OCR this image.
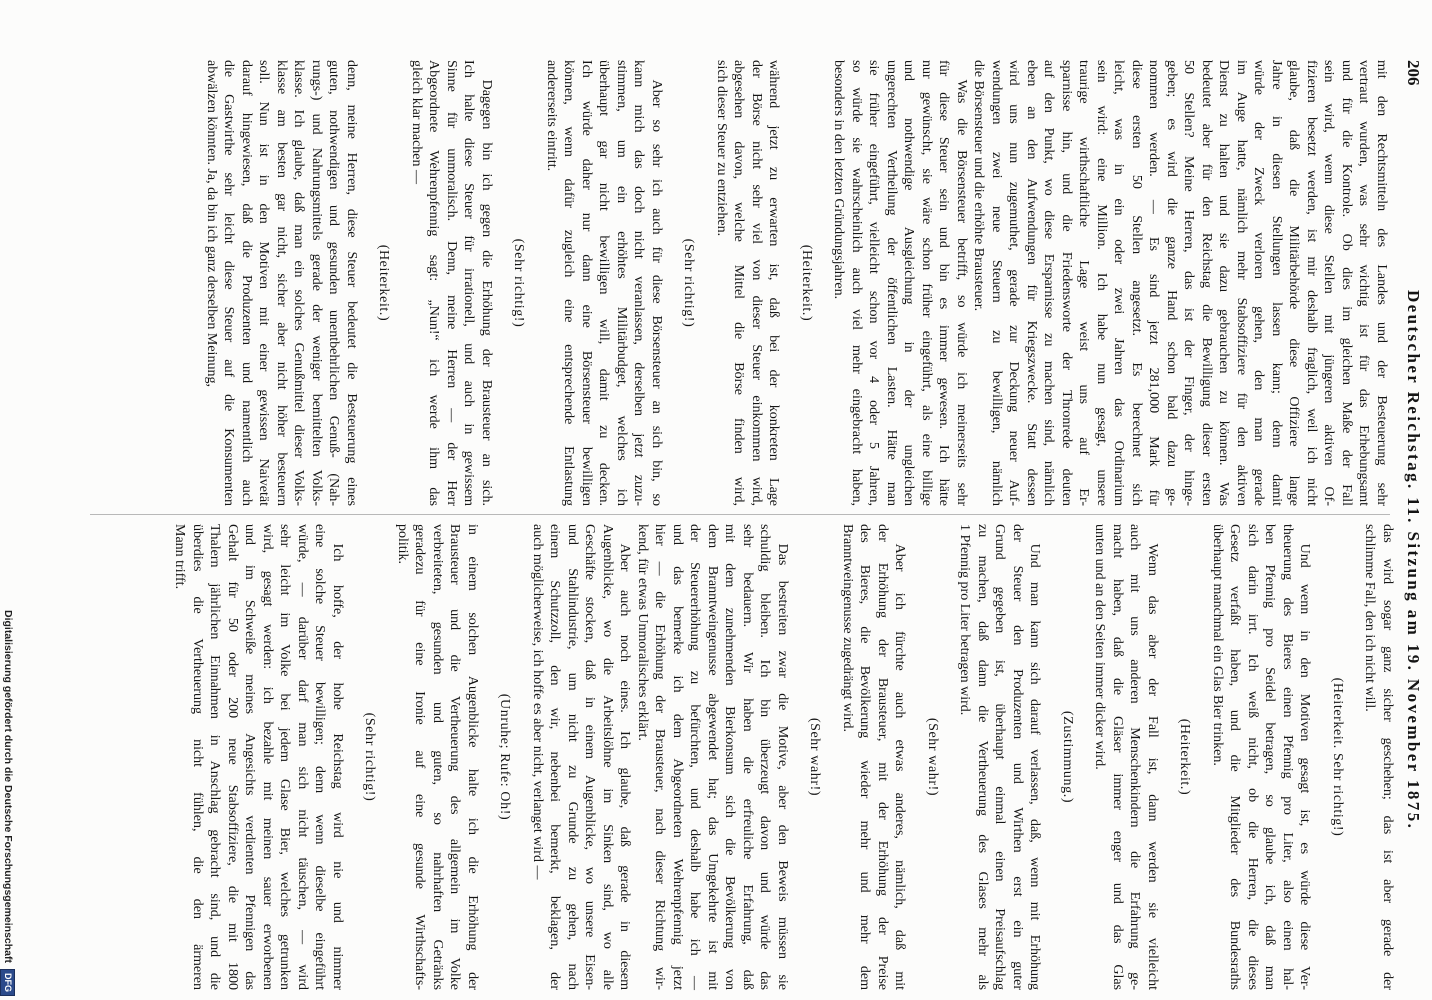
206
Deutscher Reichstag. 11. Sitzung am 19. November 1875.
mit den Rechtsmitteln des Landes und der Besteuerung sehr
vertraut wurden, was sehr wichtig ist für das Erhebungsamt
und für die Kontrole. Ob dies im gleichen Maße der Fall
sein wird, wenn diese Stellen mit jüngeren aktiven Of-
fizieren besetzt werden, ist mir deshalb fraglich, weil ich nicht
glaube, daß die Militärbehörde diese Offiziere lange
Jahre in diesen Stellungen lassen kann; denn damit
würde der Zweck verloren gehen, den man gerade
im Auge hatte, nämlich mehr Stabsoffiziere für den aktiven
Dienst zu halten und sie dazu gebrauchen zu können. Was
bedeutet aber für den Reichstag die Bewilligung dieser ersten
50 Stellen? Meine Herren, das ist der Finger, der hinge-
geben; es wird die ganze Hand schon bald dazu ge-
nommen werden. — Es sind jetzt 281,000 Mark für
diese ersten 50 Stellen angesetzt. Es berechnet sich
leicht, was in ein oder zwei Jahren das Ordinarium
sein wird: eine Million. Ich habe nun gesagt, unsere
traurige wirthschaftliche Lage weist uns auf Er-
sparnisse hin, und die Friedensworte der Thronrede deuten
auf den Punkt, wo diese Ersparnisse zu machen sind, nämlich
eben an den Aufwendungen für Kriegszwecke. Statt dessen
wird uns nun zugemuthet, gerade zur Deckung neuer Auf-
wendungen zwei neue Steuern zu bewilligen, nämlich
die Börsensteuer und die erhöhte Brausteuer.
Was die Börsensteuer betrifft, so würde ich meinerseits sehr
für diese Steuer sein und bin es immer gewesen. Ich hätte
nur gewünscht, sie wäre schon früher eingeführt, als eine billige
und nothwendige Ausgleichung in der ungleichen
ungerechten Vertheilung der öffentlichen Lasten. Hätte man
sie früher eingeführt, vielleicht schon vor 4 oder 5 Jahren,
so würde sie wahrscheinlich auch viel mehr eingebracht haben,
besonders in den letzten Gründungsjahren.
(Heiterkeit.)
während jetzt zu erwarten ist, daß bei der konkreten Lage
der Börse nicht sehr viel von dieser Steuer einkommen wird,
abgesehen davon, welche Mittel die Börse finden wird,
sich dieser Steuer zu entziehen.
(Sehr richtig!)
Aber so sehr ich auch für diese Börsensteuer an sich bin, so
kann mich das doch nicht veranlassen, derselben jetzt zuzu-
stimmen, um ein erhöhtes Militärbudget, welches ich
überhaupt gar nicht bewilligen will, damit zu decken.
Ich würde daher nur dann eine Börsensteuer bewilligen
können, wenn dafür zugleich eine entsprechende Entlastung
andererseits eintritt.
(Sehr richtig!)
Dagegen bin ich gegen die Erhöhung der Brausteuer an sich.
Ich halte diese Steuer für irrationell, und auch in gewissem
Sinne für unmoralisch. Denn, meine Herren — der Herr
Abgeordnete Wehrenpfennig sagt: „Nun!“ ich werde ihm das
gleich klar machen —
(Heiterkeit.)
denn, meine Herren, diese Steuer bedeutet die Besteuerung eines
guten, nothwendigen und gesunden unentbehrlichen Genuß- (Nah-
rungs-) und Nahrungsmittels gerade der weniger bemittelten Volks-
klasse. Ich glaube, daß man ein solches Genußmittel dieser Volks-
klasse am besten gar nicht, sicher aber nicht höher besteuern
soll. Nun ist in den Motiven mit einer gewissen Naivetät
darauf hingewiesen, daß die Produzenten und namentlich auch
die Gastwirthe sehr leicht diese Steuer auf die Konsumenten
abwälzen könnten. Ja, da bin ich ganz derselben Meinung,
das wird sogar ganz sicher geschehen; das ist aber gerade der
schlimme Fall, den ich nicht will.
(Heiterkeit. Sehr richtig!)
Und wenn in den Motiven gesagt ist, es würde diese Ver-
theuerung des Bieres einen Pfennig pro Liter, also einen hal-
ben Pfennig pro Seidel betragen, so glaube ich, daß man
sich darin irrt. Ich weiß nicht, ob die Herren, die dieses
Gesetz verfaßt haben, und die Mitglieder des Bundesraths
überhaupt manchmal ein Glas Bier trinken.
(Heiterkeit.)
Wenn das aber der Fall ist, dann werden sie vielleicht
auch mit uns anderen Menschenkindern die Erfahrung ge-
macht haben, daß die Gläser immer enger und das Glas
unten und an den Seiten immer dicker wird.
(Zustimmung.)
Und man kann sich darauf verlassen, daß, wenn mit Erhöhung
der Steuer den Produzenten und Wirthen erst ein guter
Grund gegeben ist, überhaupt einmal einen Preisaufschlag
zu machen, daß dann die Vertheuerung des Glases mehr als
1 Pfennig pro Liter betragen wird.
(Sehr wahr!)
Aber ich fürchte auch etwas anderes, nämlich, daß mit
der Erhöhung der Brausteuer, mit der Erhöhung der Preise
des Bieres, die Bevölkerung wieder mehr und mehr dem
Branntweingenusse zugedrängt wird.
(Sehr wahr!)
Das bestreiten zwar die Motive, aber den Beweis müssen sie
schuldig bleiben. Ich bin überzeugt davon und würde das
sehr bedauern. Wir haben die erfreuliche Erfahrung, daß
mit dem zunehmenden Bierkonsum sich die Bevölkerung von
dem Branntweingenusse abgewendet hat; das Umgekehrte ist mit
der Steuererhöhung zu befürchten, und deshalb habe ich —
und das bemerke ich dem Abgeordneten Wehrenpfennig jetzt
hier — die Erhöhung der Brausteuer, nach dieser Richtung wir-
kend, für etwas Unmoralisches erklärt.
Aber auch noch eines. Ich glaube, daß gerade in diesem
Augenblicke, wo die Arbeitslöhne im Sinken sind, wo alle
Geschäfte stocken, daß in einem Augenblicke, wo unsere Eisen-
und Stahlindustrie, um nicht zu Grunde zu gehen, nach
einem Schutzzoll, den wir, nebenbei bemerkt, beklagen, der
auch möglicherweise, ich hoffe es aber nicht, verlanget wird —
(Unruhe; Rufe: Oh!)
in einem solchen Augenblicke halte ich die Erhöhung der
Brausteuer und die Vertheuerung des allgemein im Volke
verbreiteten, gesunden und guten, so nahrhaften Getränks
geradezu für eine Ironie auf eine gesunde Wirthschafts-
politik.
(Sehr richtig!)
Ich hoffe, der hohe Reichstag wird nie und nimmer
eine solche Steuer bewilligen; denn wenn dieselbe eingeführt
würde, — darüber darf man sich nicht täuschen, — wird
sehr leicht im Volke bei jedem Glase Bier, welches getrunken
wird, gesagt werden: ich bezahle mit meinen sauer erworbenen
und im Schweiße meines Angesichts verdienten Pfennigen das
Gehalt für 50 oder 200 neue Stabsoffiziere, die mit 1800
Thalern jährlichen Einnahmen in Anschlag gebracht sind, und die
überdies die Vertheuerung nicht fühlen, die den ärmeren
Mann trifft.
Digitalisierung gefördert durch die Deutsche Forschungsgemeinschaft
DFG
